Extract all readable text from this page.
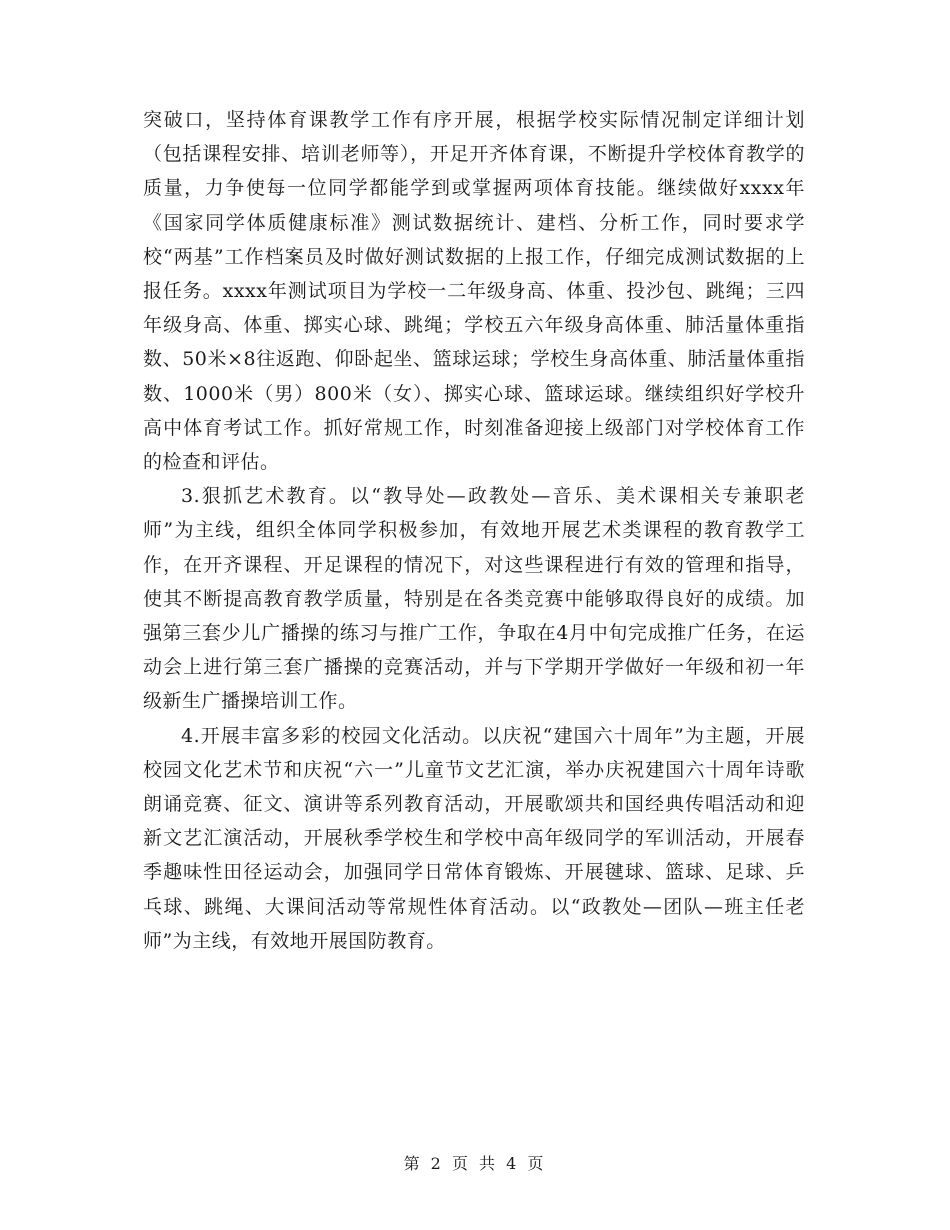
突破口，坚持体育课教学工作有序开展，根据学校实际情况制定详细计划（包括课程安排、培训老师等），开足开齐体育课，不断提升学校体育教学的质量，力争使每一位同学都能学到或掌握两项体育技能。继续做好xxxx年《国家同学体质健康标准》测试数据统计、建档、分析工作，同时要求学校“两基”工作档案员及时做好测试数据的上报工作，仔细完成测试数据的上报任务。xxxx年测试项目为学校一二年级身高、体重、投沙包、跳绳；三四年级身高、体重、掷实心球、跳绳；学校五六年级身高体重、肺活量体重指数、50米×8往返跑、仰卧起坐、篮球运球；学校生身高体重、肺活量体重指数、1000米（男）800米（女）、掷实心球、篮球运球。继续组织好学校升高中体育考试工作。抓好常规工作，时刻准备迎接上级部门对学校体育工作的检查和评估。

3.狠抓艺术教育。以“教导处—政教处—音乐、美术课相关专兼职老师”为主线，组织全体同学积极参加，有效地开展艺术类课程的教育教学工作，在开齐课程、开足课程的情况下，对这些课程进行有效的管理和指导，使其不断提高教育教学质量，特别是在各类竞赛中能够取得良好的成绩。加强第三套少儿广播操的练习与推广工作，争取在4月中旬完成推广任务，在运动会上进行第三套广播操的竞赛活动，并与下学期开学做好一年级和初一年级新生广播操培训工作。

4.开展丰富多彩的校园文化活动。以庆祝“建国六十周年”为主题，开展校园文化艺术节和庆祝“六一”儿童节文艺汇演，举办庆祝建国六十周年诗歌朗诵竞赛、征文、演讲等系列教育活动，开展歌颂共和国经典传唱活动和迎新文艺汇演活动，开展秋季学校生和学校中高年级同学的军训活动，开展春季趣味性田径运动会，加强同学日常体育锻炼、开展毽球、篮球、足球、乒乓球、跳绳、大课间活动等常规性体育活动。以“政教处—团队—班主任老师”为主线，有效地开展国防教育。

第 2 页 共 4 页
